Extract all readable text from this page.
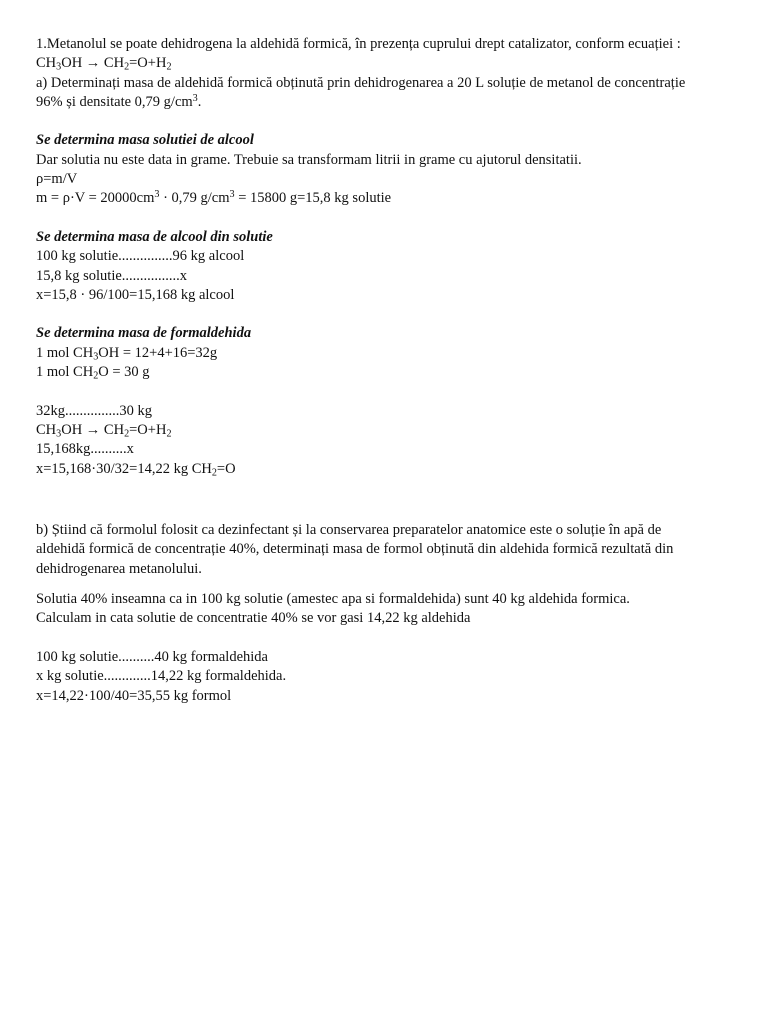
1.Metanolul se poate dehidrogena la aldehidă formică, în prezența cuprului drept catalizator, conform ecuației :
$CH_3OH \to CH_2=O+H_2$
a) Determinați masa de aldehidă formică obținută prin dehidrogenarea a 20 L soluție de metanol de concentrație
96% și densitate 0,79 $g/cm^3$.
Se determina masa solutiei de alcool
Dar solutia nu este data in grame. Trebuie sa transformam litrii in grame cu ajutorul densitatii.
ρ=m/V
$m = \rho\cdot V = 20000cm^3 \cdot 0,79$ $g/cm^3 = 15800$ g=15,8 kg solutie
Se determina masa de alcool din solutie
100 kg solutie...............96 kg alcool
15,8 kg solutie................x
x=15,8 · 96/100=15,168 kg alcool
Se determina masa de formaldehida
1 mol $CH_3OH = 12+4+16=32g$
1 mol $CH_2O = 30$ g
32kg...............30 kg
$CH_3OH \to CH_2=O+H_2$
15,168kg..........x
x=15,168·30/32=14,22 kg $CH_2=O$
b) Știind că formolul folosit ca dezinfectant și la conservarea preparatelor anatomice este o soluție în apă de
aldehidă formică de concentrație 40%, determinați masa de formol obținută din aldehida formică rezultată din
dehidrogenarea metanolului.
Solutia 40% inseamna ca in 100 kg solutie (amestec apa si formaldehida) sunt 40 kg aldehida formica.
Calculam in cata solutie de concentratie 40% se vor gasi 14,22 kg aldehida
100 kg solutie..........40 kg formaldehida
x kg solutie.............14,22 kg formaldehida.
x=14,22·100/40=35,55 kg formol
